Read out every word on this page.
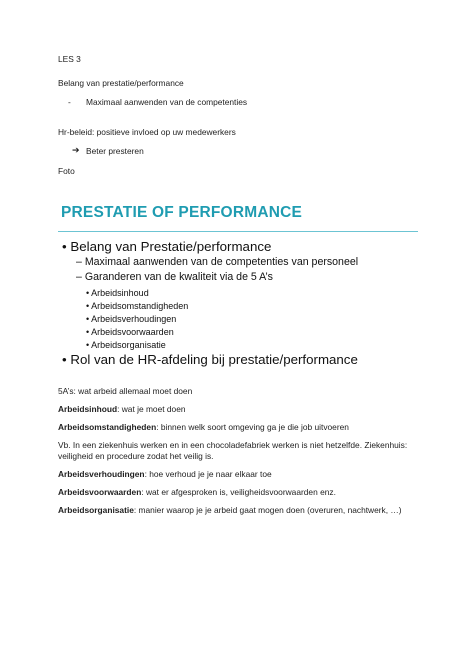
LES 3
Belang van prestatie/performance
- Maximaal aanwenden van de competenties
Hr-beleid: positieve invloed op uw medewerkers
➔ Beter presteren
Foto
PRESTATIE OF PERFORMANCE
• Belang van Prestatie/performance
– Maximaal aanwenden van de competenties van personeel
– Garanderen van de kwaliteit via de 5 A’s
• Arbeidsinhoud
• Arbeidsomstandigheden
• Arbeidsverhoudingen
• Arbeidsvoorwaarden
• Arbeidsorganisatie
• Rol van de HR-afdeling bij prestatie/performance
5A’s: wat arbeid allemaal moet doen
Arbeidsinhoud: wat je moet doen
Arbeidsomstandigheden: binnen welk soort omgeving ga je die job uitvoeren
Vb. In een ziekenhuis werken en in een chocoladefabriek werken is niet hetzelfde. Ziekenhuis:
veiligheid en procedure zodat het veilig is.
Arbeidsverhoudingen: hoe verhoud je je naar elkaar toe
Arbeidsvoorwaarden: wat er afgesproken is, veiligheidsvoorwaarden enz.
Arbeidsorganisatie: manier waarop je je arbeid gaat mogen doen (overuren, nachtwerk, …)
